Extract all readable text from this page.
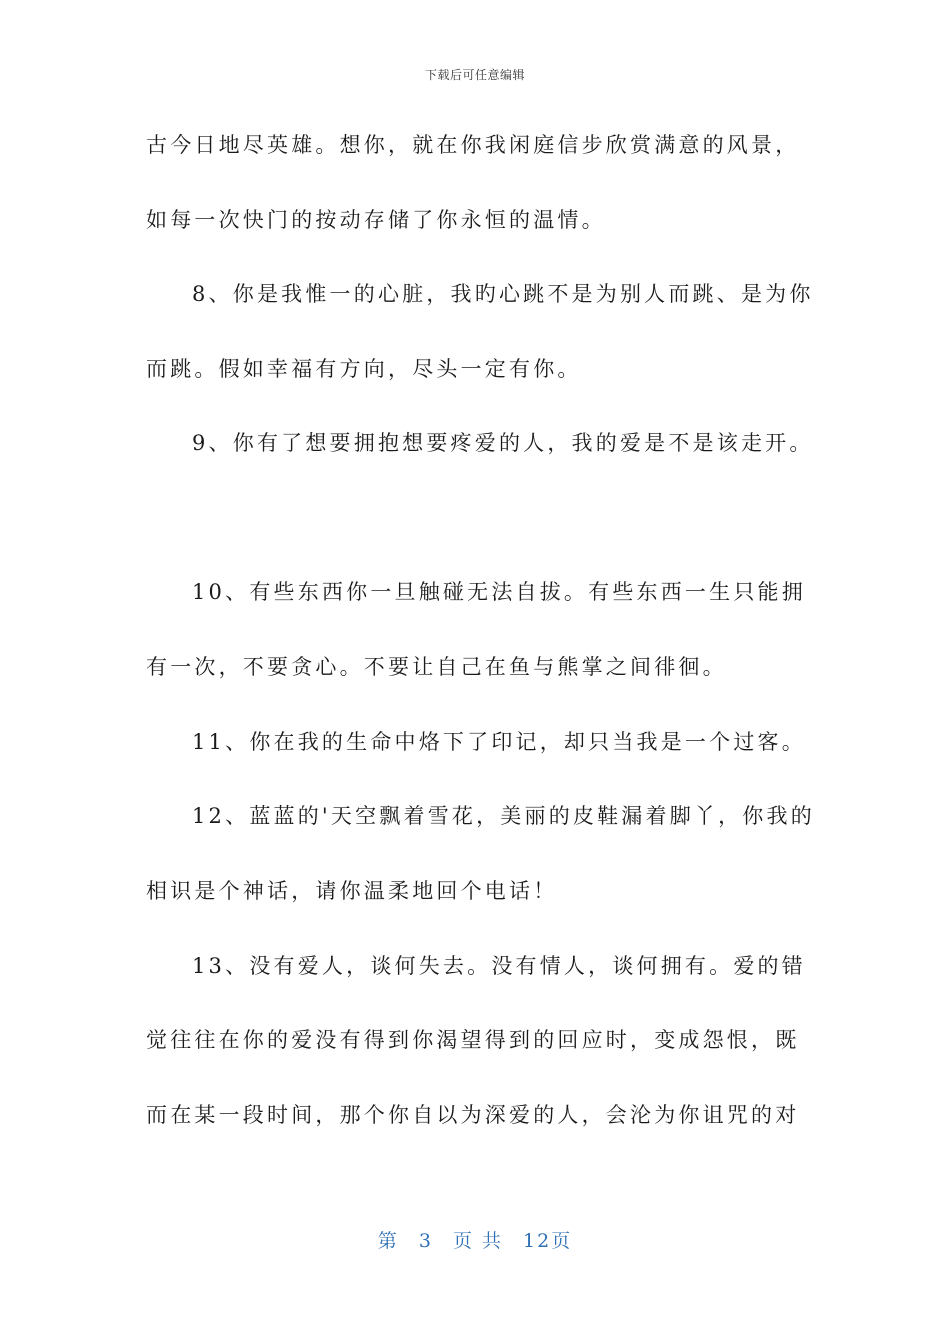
下载后可任意编辑
古今日地尽英雄。想你，就在你我闲庭信步欣赏满意的风景，
如每一次快门的按动存储了你永恒的温情。
8、你是我惟一的心脏，我旳心跳不是为别人而跳、是为你
而跳。假如幸福有方向，尽头一定有你。
9、你有了想要拥抱想要疼爱的人，我的爱是不是该走开。
10、有些东西你一旦触碰无法自拔。有些东西一生只能拥
有一次，不要贪心。不要让自己在鱼与熊掌之间徘徊。
11、你在我的生命中烙下了印记，却只当我是一个过客。
12、蓝蓝的'天空飘着雪花，美丽的皮鞋漏着脚丫，你我的
相识是个神话，请你温柔地回个电话！
13、没有爱人，谈何失去。没有情人，谈何拥有。爱的错
觉往往在你的爱没有得到你渴望得到的回应时，变成怨恨，既
而在某一段时间，那个你自以为深爱的人，会沦为你诅咒的对
第 3 页 共 12页
